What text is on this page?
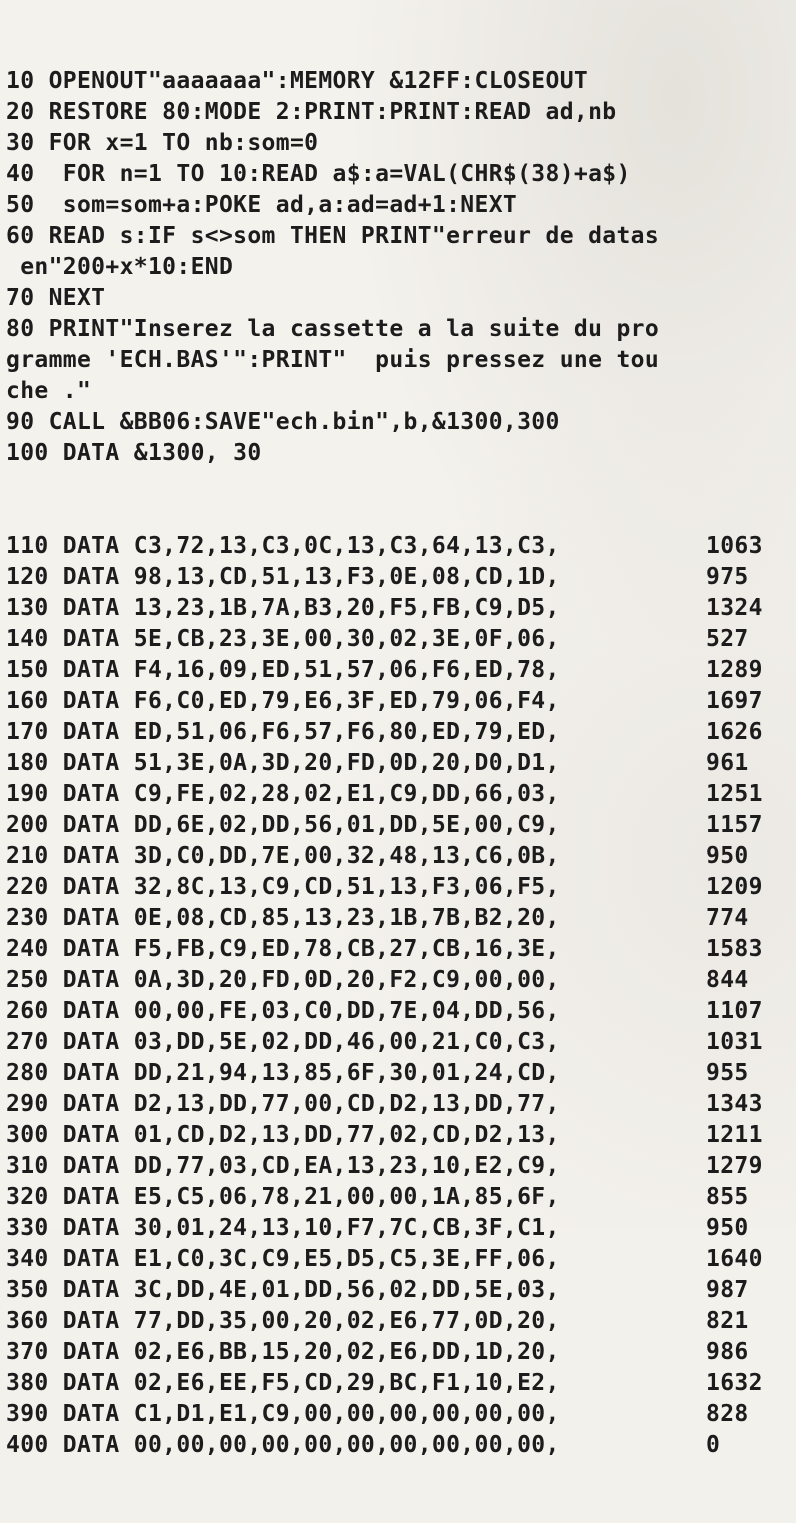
10 OPENOUT"aaaaaaa":MEMORY &12FF:CLOSEOUT
20 RESTORE 80:MODE 2:PRINT:PRINT:READ ad,nb
30 FOR x=1 TO nb:som=0
40  FOR n=1 TO 10:READ a$:a=VAL(CHR$(38)+a$)
50  som=som+a:POKE ad,a:ad=ad+1:NEXT
60 READ s:IF s<>som THEN PRINT"erreur de datas
en"200+x*10:END
70 NEXT
80 PRINT"Inserez la cassette a la suite du pro
gramme 'ECH.BAS'":PRINT"  puis pressez une tou
che ."
90 CALL &BB06:SAVE"ech.bin",b,&1300,300
100 DATA &1300, 30

110 DATA C3,72,13,C3,0C,13,C3,64,13,C3,	1063
120 DATA 98,13,CD,51,13,F3,0E,08,CD,1D,	975
130 DATA 13,23,1B,7A,B3,20,F5,FB,C9,D5,	1324
140 DATA 5E,CB,23,3E,00,30,02,3E,0F,06,	527
150 DATA F4,16,09,ED,51,57,06,F6,ED,78,	1289
160 DATA F6,C0,ED,79,E6,3F,ED,79,06,F4,	1697
170 DATA ED,51,06,F6,57,F6,80,ED,79,ED,	1626
180 DATA 51,3E,0A,3D,20,FD,0D,20,D0,D1,	961
190 DATA C9,FE,02,28,02,E1,C9,DD,66,03,	1251
200 DATA DD,6E,02,DD,56,01,DD,5E,00,C9,	1157
210 DATA 3D,C0,DD,7E,00,32,48,13,C6,0B,	950
220 DATA 32,8C,13,C9,CD,51,13,F3,06,F5,	1209
230 DATA 0E,08,CD,85,13,23,1B,7B,B2,20,	774
240 DATA F5,FB,C9,ED,78,CB,27,CB,16,3E,	1583
250 DATA 0A,3D,20,FD,0D,20,F2,C9,00,00,	844
260 DATA 00,00,FE,03,C0,DD,7E,04,DD,56,	1107
270 DATA 03,DD,5E,02,DD,46,00,21,C0,C3,	1031
280 DATA DD,21,94,13,85,6F,30,01,24,CD,	955
290 DATA D2,13,DD,77,00,CD,D2,13,DD,77,	1343
300 DATA 01,CD,D2,13,DD,77,02,CD,D2,13,	1211
310 DATA DD,77,03,CD,EA,13,23,10,E2,C9,	1279
320 DATA E5,C5,06,78,21,00,00,1A,85,6F,	855
330 DATA 30,01,24,13,10,F7,7C,CB,3F,C1,	950
340 DATA E1,C0,3C,C9,E5,D5,C5,3E,FF,06,	1640
350 DATA 3C,DD,4E,01,DD,56,02,DD,5E,03,	987
360 DATA 77,DD,35,00,20,02,E6,77,0D,20,	821
370 DATA 02,E6,BB,15,20,02,E6,DD,1D,20,	986
380 DATA 02,E6,EE,F5,CD,29,BC,F1,10,E2,	1632
390 DATA C1,D1,E1,C9,00,00,00,00,00,00,	828
400 DATA 00,00,00,00,00,00,00,00,00,00,	0
